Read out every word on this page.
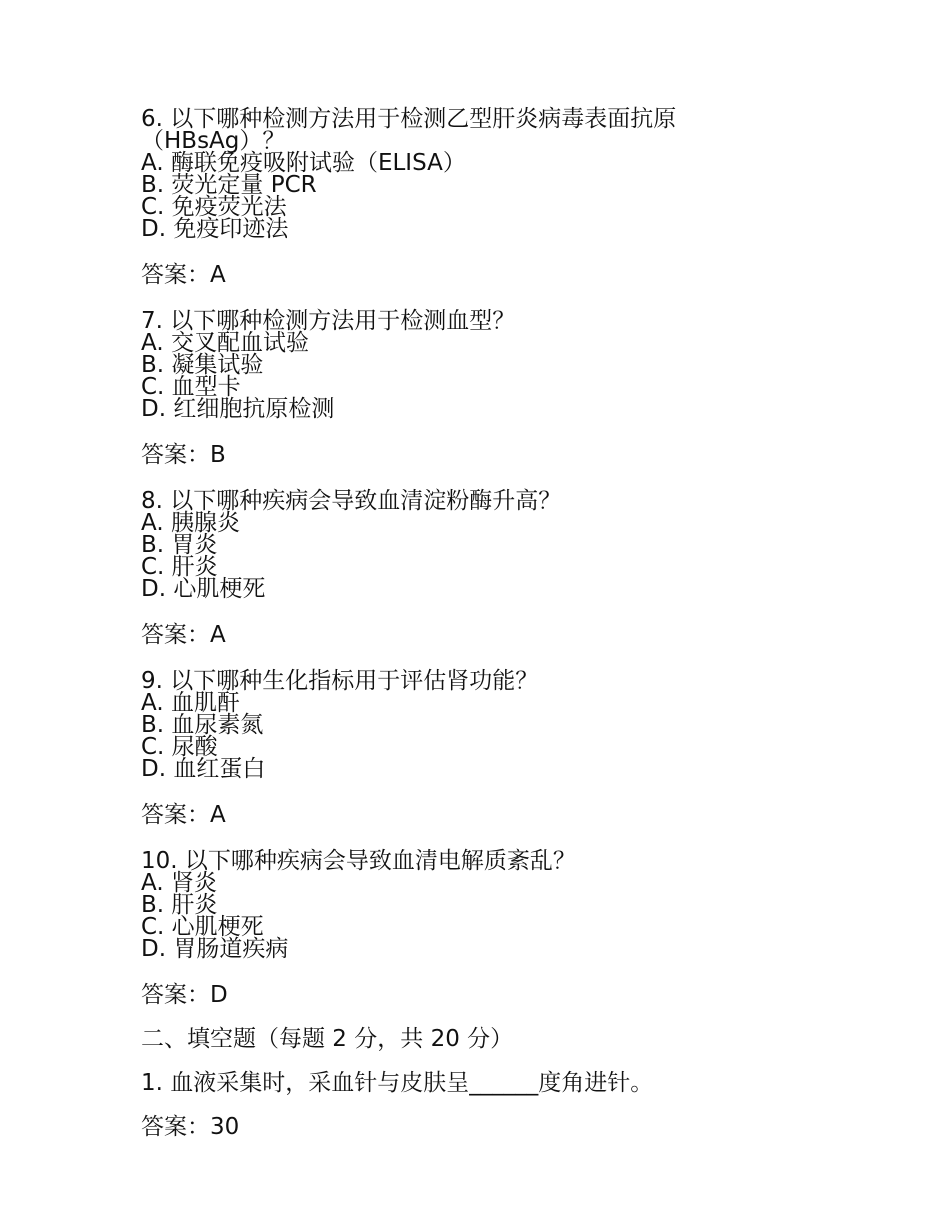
6. 以下哪种检测方法用于检测乙型肝炎病毒表面抗原
（HBsAg）？
A. 酶联免疫吸附试验（ELISA）
B. 荧光定量 PCR
C. 免疫荧光法
D. 免疫印迹法
答案：A
7. 以下哪种检测方法用于检测血型？
A. 交叉配血试验
B. 凝集试验
C. 血型卡
D. 红细胞抗原检测
答案：B
8. 以下哪种疾病会导致血清淀粉酶升高？
A. 胰腺炎
B. 胃炎
C. 肝炎
D. 心肌梗死
答案：A
9. 以下哪种生化指标用于评估肾功能？
A. 血肌酐
B. 血尿素氮
C. 尿酸
D. 血红蛋白
答案：A
10. 以下哪种疾病会导致血清电解质紊乱？
A. 肾炎
B. 肝炎
C. 心肌梗死
D. 胃肠道疾病
答案：D
二、填空题（每题 2 分，共 20 分）
1. 血液采集时，采血针与皮肤呈______度角进针。
答案：30
